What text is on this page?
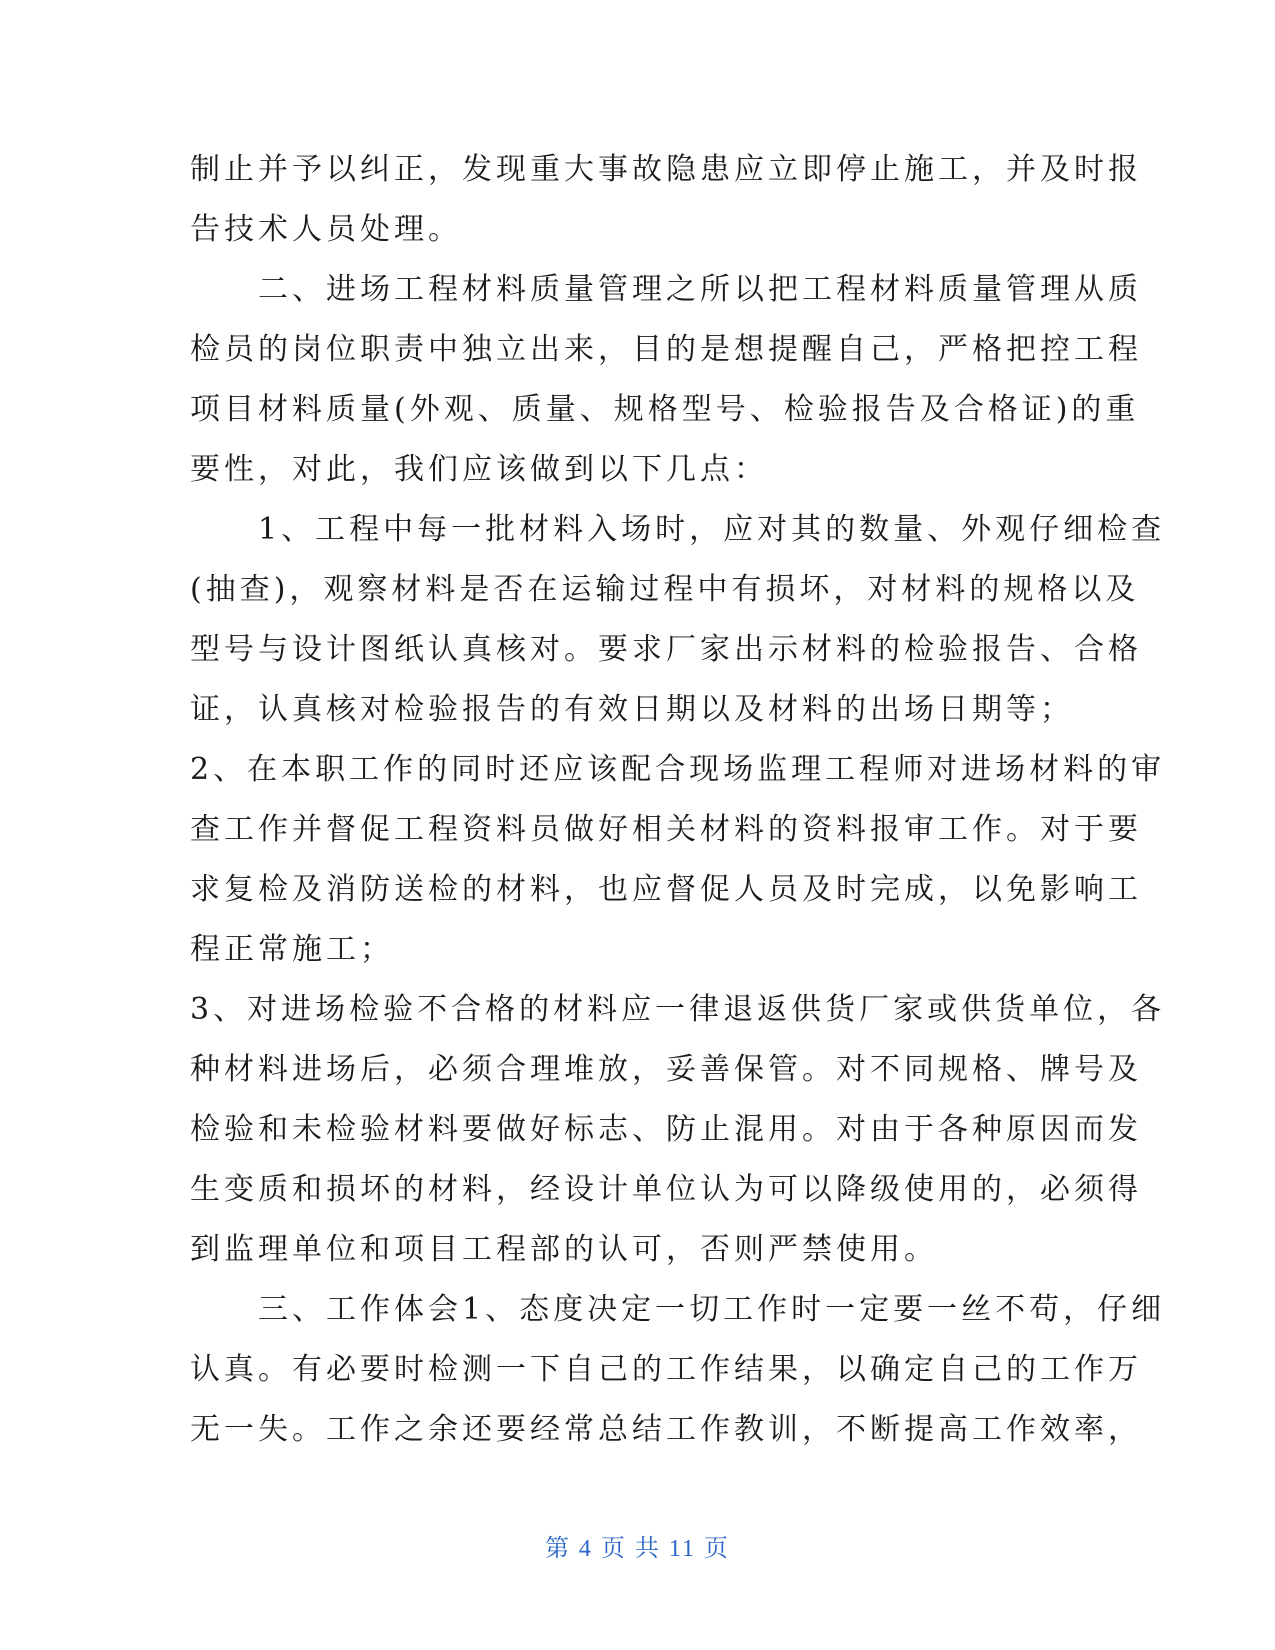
制止并予以纠正，发现重大事故隐患应立即停止施工，并及时报
告技术人员处理。
　　二、进场工程材料质量管理之所以把工程材料质量管理从质
检员的岗位职责中独立出来，目的是想提醒自己，严格把控工程
项目材料质量(外观、质量、规格型号、检验报告及合格证)的重
要性，对此，我们应该做到以下几点：
　　1、工程中每一批材料入场时，应对其的数量、外观仔细检查
(抽查)，观察材料是否在运输过程中有损坏，对材料的规格以及
型号与设计图纸认真核对。要求厂家出示材料的检验报告、合格
证，认真核对检验报告的有效日期以及材料的出场日期等；
2、在本职工作的同时还应该配合现场监理工程师对进场材料的审
查工作并督促工程资料员做好相关材料的资料报审工作。对于要
求复检及消防送检的材料，也应督促人员及时完成，以免影响工
程正常施工；
3、对进场检验不合格的材料应一律退返供货厂家或供货单位，各
种材料进场后，必须合理堆放，妥善保管。对不同规格、牌号及
检验和未检验材料要做好标志、防止混用。对由于各种原因而发
生变质和损坏的材料，经设计单位认为可以降级使用的，必须得
到监理单位和项目工程部的认可，否则严禁使用。
　　三、工作体会1、态度决定一切工作时一定要一丝不苟，仔细
认真。有必要时检测一下自己的工作结果，以确定自己的工作万
无一失。工作之余还要经常总结工作教训，不断提高工作效率，
第 4 页 共 11 页
